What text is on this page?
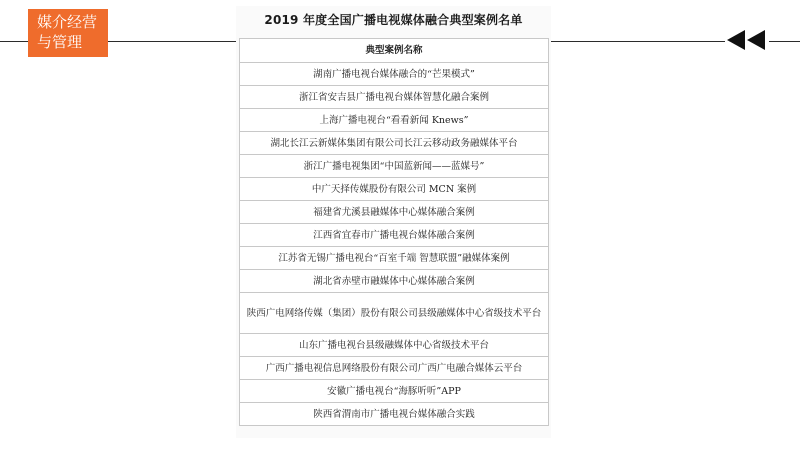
媒介经营
与管理
2019 年度全国广播电视媒体融合典型案例名单
典型案例名称
湖南广播电视台媒体融合的“芒果模式”
浙江省安吉县广播电视台媒体智慧化融合案例
上海广播电视台“看看新闻 Knews”
湖北长江云新媒体集团有限公司长江云移动政务融媒体平台
浙江广播电视集团“中国蓝新闻——蓝媒号”
中广天择传媒股份有限公司 MCN 案例
福建省尤溪县融媒体中心媒体融合案例
江西省宜春市广播电视台媒体融合案例
江苏省无锡广播电视台“百室千端 智慧联盟”融媒体案例
湖北省赤壁市融媒体中心媒体融合案例
陕西广电网络传媒（集团）股份有限公司县级融媒体中心省级技术平台
山东广播电视台县级融媒体中心省级技术平台
广西广播电视信息网络股份有限公司广西广电融合媒体云平台
安徽广播电视台“海豚听听”APP
陕西省渭南市广播电视台媒体融合实践
